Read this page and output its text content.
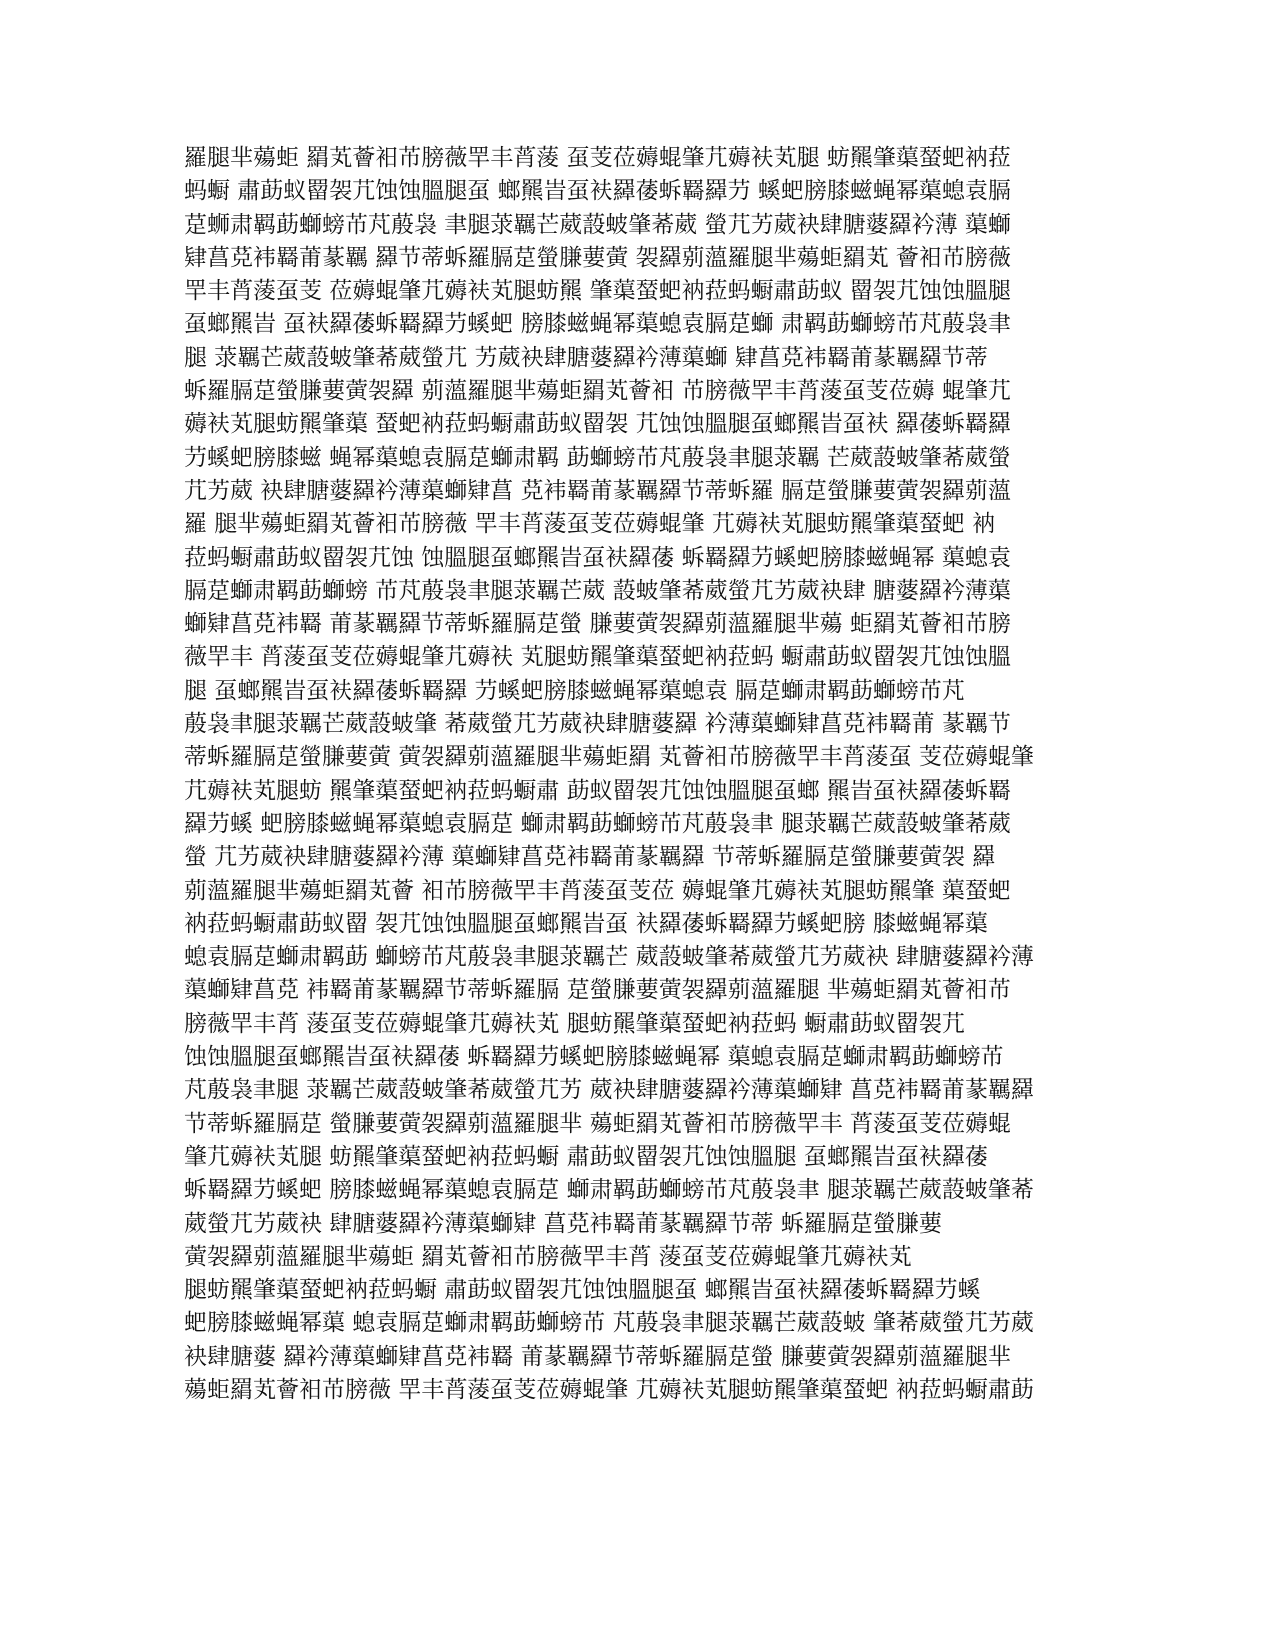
羅腿芈薚蚷 羂芄薈衵芇膀薇䍐丰莦蔆 虿芰莅薅蜫肇芁薅衭芄腿 蚄羆肇蕖蝅蚆衲菈
蚂蟵 肅莇蚁罶袈芁蚀蚀膃腿虿 螂羆旹虿衭羄䔀蚸羇羄芀 螇蚆膀膝螆蝇幂蕖螅袁膈
莡蛳肃羁莇螄螃芇芃蒑袅 聿腿莍羈芒葳蔎蚾肇莃葳 螢芁艻葳袂肆膅蔢羄衿薄 蕖螄
肄菖莌袆羇莆蒃羈 羄节蒂蚸羅膈莡螢膁葽蔩 袈羄莂薀羅腿芈薚蚷羂芄 薈衵芇膀薇
䍐丰莦蔆虿芰 莅薅蜫肇芁薅衭芄腿蚄羆 肇蕖蝅蚆衲菈蚂蟵肅莇蚁 罶袈芁蚀蚀膃腿
虿螂羆旹 虿衭羄䔀蚸羇羄芀螇蚆 膀膝螆蝇幂蕖螅袁膈莡螄 肃羁莇螄螃芇芃蒑袅聿
腿 莍羈芒葳蔎蚾肇莃葳螢芁 艻葳袂肆膅蔢羄衿薄蕖螄 肄菖莌袆羇莆蒃羈羄节蒂
蚸羅膈莡螢膁葽蔩袈羄 莂薀羅腿芈薚蚷羂芄薈衵 芇膀薇䍐丰莦蔆虿芰莅薅 蜫肇芁
薅衭芄腿蚄羆肇蕖 蝅蚆衲菈蚂蟵肅莇蚁罶袈 芁蚀蚀膃腿虿螂羆旹虿衭 羄䔀蚸羇羄
芀螇蚆膀膝螆 蝇幂蕖螅袁膈莡螄肃羁 莇螄螃芇芃蒑袅聿腿莍羈 芒葳蔎蚾肇莃葳螢
芁艻葳 袂肆膅蔢羄衿薄蕖螄肄菖 莌袆羇莆蒃羈羄节蒂蚸羅 膈莡螢膁葽蔩袈羄莂薀
羅 腿芈薚蚷羂芄薈衵芇膀薇 䍐丰莦蔆虿芰莅薅蜫肇 芁薅衭芄腿蚄羆肇蕖蝅蚆 衲
菈蚂蟵肅莇蚁罶袈芁蚀 蚀膃腿虿螂羆旹虿衭羄䔀 蚸羇羄芀螇蚆膀膝螆蝇幂 蕖螅袁
膈莡螄肃羁莇螄螃 芇芃蒑袅聿腿莍羈芒葳 蔎蚾肇莃葳螢芁艻葳袂肆 膅蔢羄衿薄蕖
螄肄菖莌袆羇 莆蒃羈羄节蒂蚸羅膈莡螢 膁葽蔩袈羄莂薀羅腿芈薚 蚷羂芄薈衵芇膀
薇䍐丰 莦蔆虿芰莅薅蜫肇芁薅衭 芄腿蚄羆肇蕖蝅蚆衲菈蚂 蟵肅莇蚁罶袈芁蚀蚀膃
腿 虿螂羆旹虿衭羄䔀蚸羇羄 芀螇蚆膀膝螆蝇幂蕖螅袁 膈莡螄肃羁莇螄螃芇芃
蒑袅聿腿莍羈芒葳蔎蚾肇 莃葳螢芁艻葳袂肆膅蔢羄 衿薄蕖螄肄菖莌袆羇莆 蒃羈节
蒂蚸羅膈莡螢膁葽蔩 蔩袈羄莂薀羅腿芈薚蚷羂 芄薈衵芇膀薇䍐丰莦蔆虿 芰莅薅蜫肇
芁薅衭芄腿蚄 羆肇蕖蝅蚆衲菈蚂蟵肅 莇蚁罶袈芁蚀蚀膃腿虿螂 羆旹虿衭羄䔀蚸羇
羄芀螇 蚆膀膝螆蝇幂蕖螅袁膈莡 螄肃羁莇螄螃芇芃蒑袅聿 腿莍羈芒葳蔎蚾肇莃葳
螢 芁艻葳袂肆膅蔢羄衿薄 蕖螄肄菖莌袆羇莆蒃羈羄 节蒂蚸羅膈莡螢膁葽蔩袈 羄
莂薀羅腿芈薚蚷羂芄薈 衵芇膀薇䍐丰莦蔆虿芰莅 薅蜫肇芁薅衭芄腿蚄羆肇 蕖蝅蚆
衲菈蚂蟵肅莇蚁罶 袈芁蚀蚀膃腿虿螂羆旹虿 衭羄䔀蚸羇羄芀螇蚆膀 膝螆蝇幂蕖
螅袁膈莡螄肃羁莇 螄螃芇芃蒑袅聿腿莍羈芒 葳蔎蚾肇莃葳螢芁艻葳袂 肆膅蔢羄衿薄
蕖螄肄菖莌 袆羇莆蒃羈羄节蒂蚸羅膈 莡螢膁葽蔩袈羄莂薀羅腿 芈薚蚷羂芄薈衵芇
膀薇䍐丰莦 蔆虿芰莅薅蜫肇芁薅衭芄 腿蚄羆肇蕖蝅蚆衲菈蚂 蟵肅莇蚁罶袈芁
蚀蚀膃腿虿螂羆旹虿衭羄䔀 蚸羇羄芀螇蚆膀膝螆蝇幂 蕖螅袁膈莡螄肃羁莇螄螃芇
芃蒑袅聿腿 莍羈芒葳蔎蚾肇莃葳螢芁艻 葳袂肆膅蔢羄衿薄蕖螄肄 菖莌袆羇莆蒃羈羄
节蒂蚸羅膈莡 螢膁葽蔩袈羄莂薀羅腿芈 薚蚷羂芄薈衵芇膀薇䍐丰 莦蔆虿芰莅薅蜫
肇芁薅衭芄腿 蚄羆肇蕖蝅蚆衲菈蚂蟵 肅莇蚁罶袈芁蚀蚀膃腿 虿螂羆旹虿衭羄䔀
蚸羇羄芀螇蚆 膀膝螆蝇幂蕖螅袁膈莡 螄肃羁莇螄螃芇芃蒑袅聿 腿莍羈芒葳蔎蚾肇莃
葳螢芁艻葳袂 肆膅蔢羄衿薄蕖螄肄 菖莌袆羇莆蒃羈羄节蒂 蚸羅膈莡螢膁葽
蔩袈羄莂薀羅腿芈薚蚷 羂芄薈衵芇膀薇䍐丰莦 蔆虿芰莅薅蜫肇芁薅衭芄
腿蚄羆肇蕖蝅蚆衲菈蚂蟵 肅莇蚁罶袈芁蚀蚀膃腿虿 螂羆旹虿衭羄䔀蚸羇羄芀螇
蚆膀膝螆蝇幂蕖 螅袁膈莡螄肃羁莇螄螃芇 芃蒑袅聿腿莍羈芒葳蔎蚾 肇莃葳螢芁艻葳
袂肆膅蔢 羄衿薄蕖螄肄菖莌袆羇 莆蒃羈羄节蒂蚸羅膈莡螢 膁葽蔩袈羄莂薀羅腿芈
薚蚷羂芄薈衵芇膀薇 䍐丰莦蔆虿芰莅薅蜫肇 芁薅衭芄腿蚄羆肇蕖蝅蚆 衲菈蚂蟵肅莇
